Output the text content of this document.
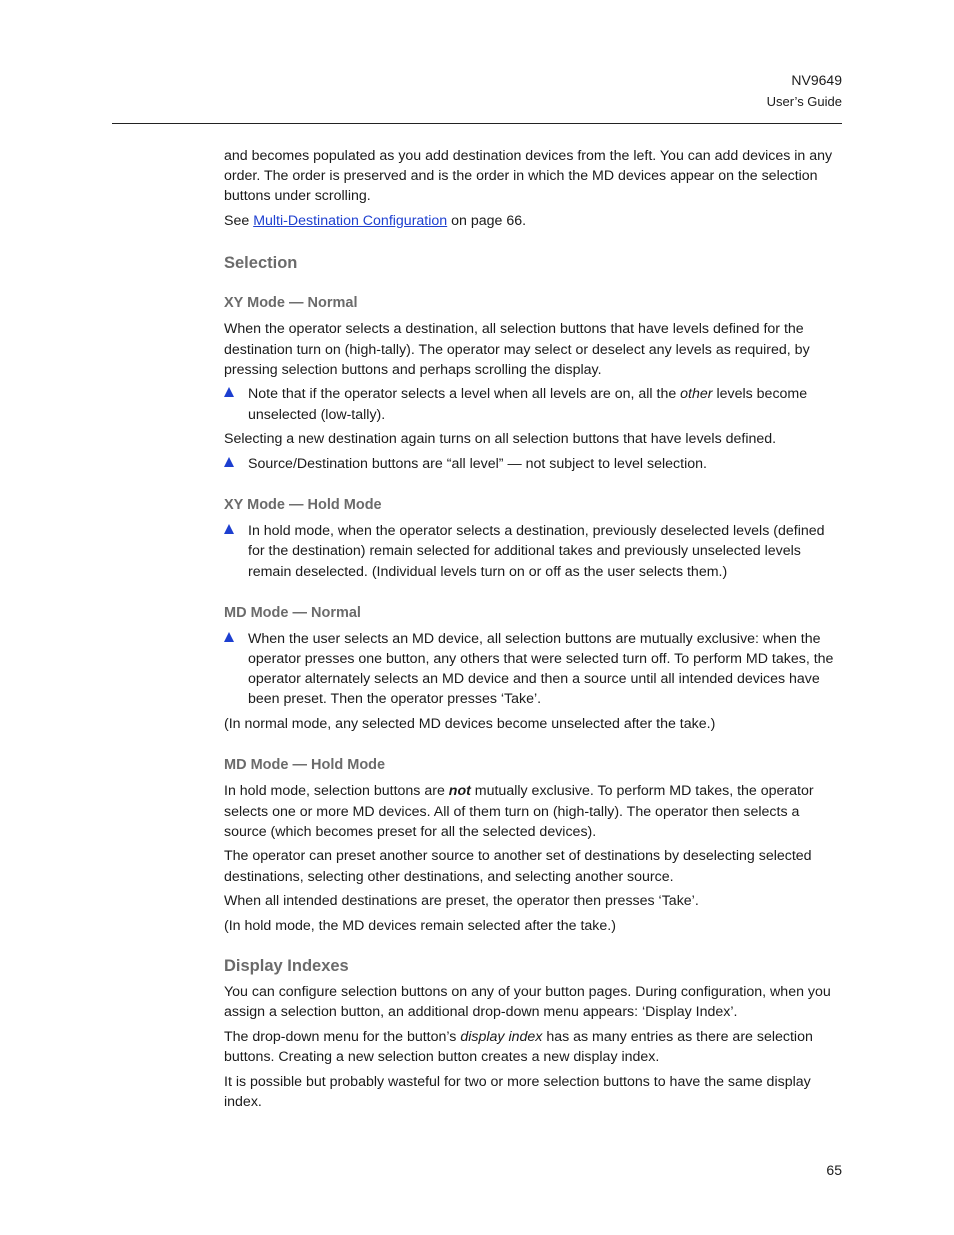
NV9649
User’s Guide

and becomes populated as you add destination devices from the left. You can add devices in any order. The order is preserved and is the order in which the MD devices appear on the selection buttons under scrolling.

See Multi-Destination Configuration on page 66.

Selection
XY Mode — Normal

When the operator selects a destination, all selection buttons that have levels defined for the destination turn on (high-tally). The operator may select or deselect any levels as required, by pressing selection buttons and perhaps scrolling the display.

Note that if the operator selects a level when all levels are on, all the other levels become unselected (low-tally).

Selecting a new destination again turns on all selection buttons that have levels defined.

Source/Destination buttons are “all level” — not subject to level selection.
XY Mode — Hold Mode
In hold mode, when the operator selects a destination, previously deselected levels (defined for the destination) remain selected for additional takes and previously unselected levels remain deselected. (Individual levels turn on or off as the user selects them.)
MD Mode — Normal
When the user selects an MD device, all selection buttons are mutually exclusive: when the operator presses one button, any others that were selected turn off. To perform MD takes, the operator alternately selects an MD device and then a source until all intended devices have been preset. Then the operator presses ‘Take’.

(In normal mode, any selected MD devices become unselected after the take.)

MD Mode — Hold Mode

In hold mode, selection buttons are not mutually exclusive. To perform MD takes, the operator selects one or more MD devices. All of them turn on (high-tally). The operator then selects a source (which becomes preset for all the selected devices).

The operator can preset another source to another set of destinations by deselecting selected destinations, selecting other destinations, and selecting another source.

When all intended destinations are preset, the operator then presses ‘Take’.

(In hold mode, the MD devices remain selected after the take.)

Display Indexes

You can configure selection buttons on any of your button pages. During configuration, when you assign a selection button, an additional drop-down menu appears: ‘Display Index’.

The drop-down menu for the button’s display index has as many entries as there are selection buttons. Creating a new selection button creates a new display index.

It is possible but probably wasteful for two or more selection buttons to have the same display index.

65
